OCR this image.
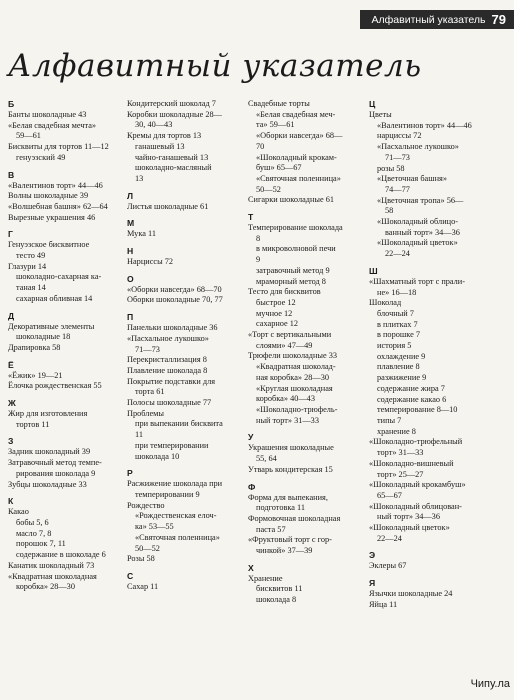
Алфавитный указатель 79
Алфавитный указатель
Б
Банты шоколадные 43
«Белая свадебная мечта»
59—61
Бисквиты для тортов 11—12
генуэзский 49
В
«Валентинов торт» 44—46
Волны шоколадные 39
«Волшебная башня» 62—64
Вырезные украшения 46
Г
Генуэзское бисквитное
тесто 49
Глазури 14
шоколадно-сахарная ка-
таная 14
сахарная обливная 14
Д
Декоративные элементы
шоколадные 18
Драпировка 58
Ё
«Ёжик» 19—21
Ёлочка рождественская 55
Ж
Жир для изготовления
тортов 11
З
Задник шоколадный 39
Затравочный метод темпе-
рирования шоколада 9
Зубцы шоколадные 33
К
Какао
бобы 5, 6
масло 7, 8
порошок 7, 11
содержание в шоколаде 6
Канатик шоколадный 73
«Квадратная шоколадная
коробка» 28—30
Кондитерский шоколад 7
Коробки шоколадные 28—
30, 40—43
Кремы для тортов 13
ганашевый 13
чайно-ганашевый 13
шоколадно-масляный
13
Л
Листья шоколадные 61
М
Мука 11
Н
Нарциссы 72
О
«Оборки навсегда» 68—70
Оборки шоколадные 70, 77
П
Панельки шоколадные 36
«Пасхальное лукошко»
71—73
Перекристаллизация 8
Плавление шоколада 8
Покрытие подставки для
торта 61
Полосы шоколадные 77
Проблемы
при выпекании бисквита
11
при темперировании
шоколада 10
Р
Расжижение шоколада при
темперировании 9
Рождество
«Рождественская елоч-
ка» 53—55
«Святочная поленница»
50—52
Розы 58
С
Сахар 11
Свадебные торты
«Белая свадебная меч-
та» 59—61
«Оборки навсегда» 68—
70
«Шоколадный крокам-
буш» 65—67
«Святочная поленница»
50—52
Сигарки шоколадные 61
Т
Темперирование шоколада
8
в микроволновой печи
9
затравочный метод 9
мраморный метод 8
Тесто для бисквитов
быстрое 12
мучное 12
сахарное 12
«Торт с вертикальными
слоями» 47—49
Трюфели шоколадные 33
«Квадратная шоколад-
ная коробка» 28—30
«Круглая шоколадная
коробка» 40—43
«Шоколадно-трюфель-
ный торт» 31—33
У
Украшения шоколадные
55, 64
Утварь кондитерская 15
Ф
Форма для выпекания,
подготовка 11
Формовочная шоколадная
паста 57
«Фруктовый торт с гор-
чинкой» 37—39
Х
Хранение
бисквитов 11
шоколада 8
Ц
Цветы
«Валентинов торт» 44—46
нарциссы 72
«Пасхальное лукошко»
71—73
розы 58
«Цветочная башня»
74—77
«Цветочная тропа» 56—
58
«Шоколадный облицо-
ванный торт» 34—36
«Шоколадный цветок»
22—24
Ш
«Шахматный торт с прали-
не» 16—18
Шоколад
блочный 7
в плитках 7
в порошке 7
история 5
охлаждение 9
плавление 8
разжижение 9
содержание жира 7
содержание какао 6
темперирование 8—10
типы 7
хранение 8
«Шоколадно-трюфельный
торт» 31—33
«Шоколадно-вишневый
торт» 25—27
«Шоколадный крокамбуш»
65—67
«Шоколадный облицован-
ный торт» 34—36
«Шоколадный цветок»
22—24
Э
Эклеры 67
Я
Язычки шоколадные 24
Яйца 11
Чипу.ла
